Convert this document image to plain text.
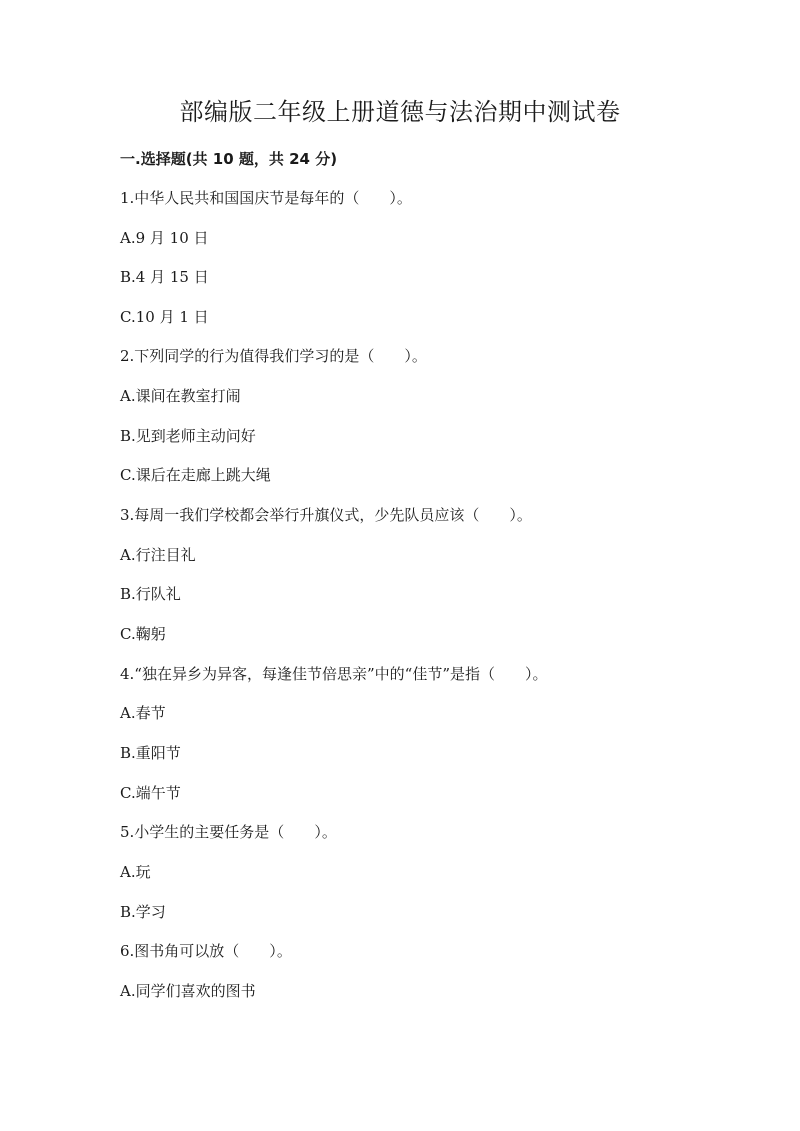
部编版二年级上册道德与法治期中测试卷
一.选择题(共 10 题，共 24 分)
1.中华人民共和国国庆节是每年的（　　）。
A.9 月 10 日
B.4 月 15 日
C.10 月 1 日
2.下列同学的行为值得我们学习的是（　　）。
A.课间在教室打闹
B.见到老师主动问好
C.课后在走廊上跳大绳
3.每周一我们学校都会举行升旗仪式，少先队员应该（　　）。
A.行注目礼
B.行队礼
C.鞠躬
4.“独在异乡为异客，每逢佳节倍思亲”中的“佳节”是指（　　）。
A.春节
B.重阳节
C.端午节
5.小学生的主要任务是（　　）。
A.玩
B.学习
6.图书角可以放（　　）。
A.同学们喜欢的图书
